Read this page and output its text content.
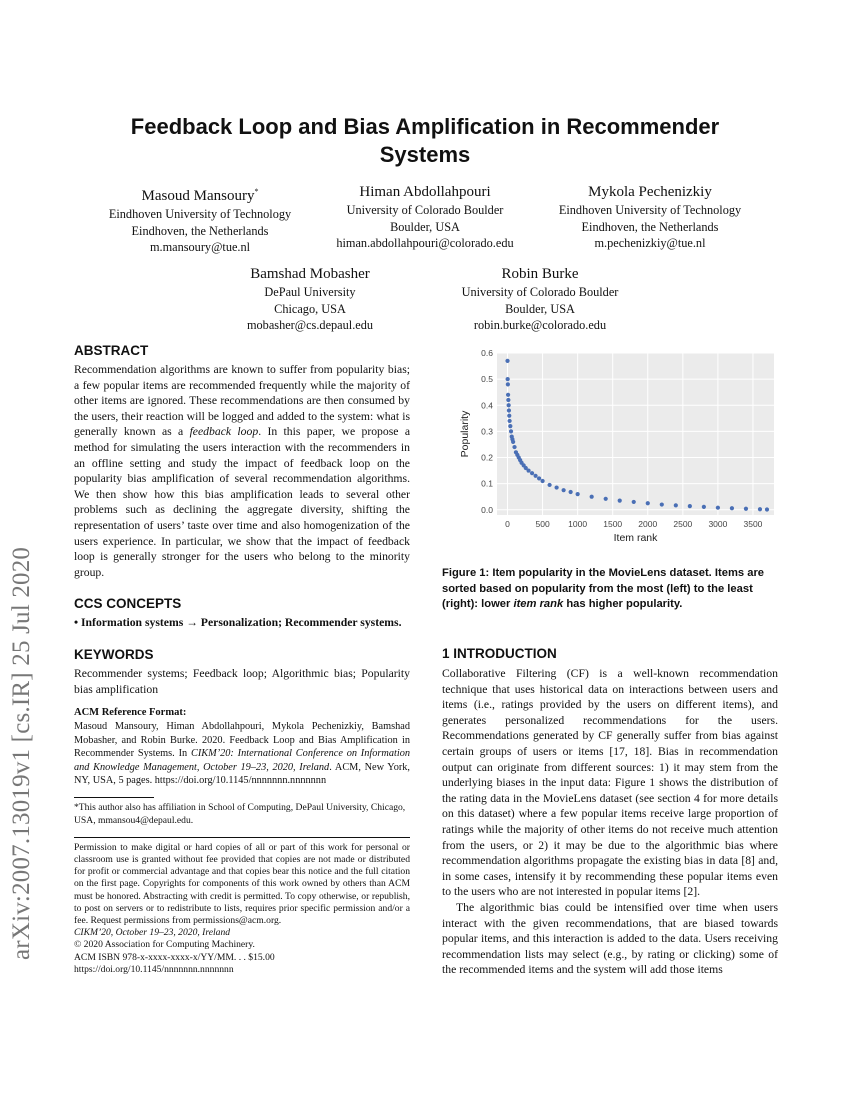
Feedback Loop and Bias Amplification in Recommender
Systems
Masoud Mansoury*
Eindhoven University of Technology
Eindhoven, the Netherlands
m.mansoury@tue.nl
Himan Abdollahpouri
University of Colorado Boulder
Boulder, USA
himan.abdollahpouri@colorado.edu
Mykola Pechenizkiy
Eindhoven University of Technology
Eindhoven, the Netherlands
m.pechenizkiy@tue.nl
Bamshad Mobasher
DePaul University
Chicago, USA
mobasher@cs.depaul.edu
Robin Burke
University of Colorado Boulder
Boulder, USA
robin.burke@colorado.edu
arXiv:2007.13019v1 [cs.IR] 25 Jul 2020
ABSTRACT
Recommendation algorithms are known to suffer from popularity bias; a few popular items are recommended frequently while the majority of other items are ignored. These recommendations are then consumed by the users, their reaction will be logged and added to the system: what is generally known as a feedback loop. In this paper, we propose a method for simulating the users interaction with the recommenders in an offline setting and study the impact of feedback loop on the popularity bias amplification of several recommendation algorithms. We then show how this bias amplification leads to several other problems such as declining the aggregate diversity, shifting the representation of users’ taste over time and also homogenization of the users experience. In particular, we show that the impact of feedback loop is generally stronger for the users who belong to the minority group.
CCS CONCEPTS
• Information systems → Personalization; Recommender systems.
KEYWORDS
Recommender systems; Feedback loop; Algorithmic bias; Popularity bias amplification
ACM Reference Format:
Masoud Mansoury, Himan Abdollahpouri, Mykola Pechenizkiy, Bamshad Mobasher, and Robin Burke. 2020. Feedback Loop and Bias Amplification in Recommender Systems. In CIKM’20: International Conference on Information and Knowledge Management, October 19–23, 2020, Ireland. ACM, New York, NY, USA, 5 pages. https://doi.org/10.1145/nnnnnnn.nnnnnnn
*This author also has affiliation in School of Computing, DePaul University, Chicago, USA, mmansou4@depaul.edu.
Permission to make digital or hard copies of all or part of this work for personal or classroom use is granted without fee provided that copies are not made or distributed for profit or commercial advantage and that copies bear this notice and the full citation on the first page. Copyrights for components of this work owned by others than ACM must be honored. Abstracting with credit is permitted. To copy otherwise, or republish, to post on servers or to redistribute to lists, requires prior specific permission and/or a fee. Request permissions from permissions@acm.org.
CIKM’20, October 19–23, 2020, Ireland
© 2020 Association for Computing Machinery.
ACM ISBN 978-x-xxxx-xxxx-x/YY/MM. . . $15.00
https://doi.org/10.1145/nnnnnnn.nnnnnnn
0.0
0.1
0.2
0.3
0.4
0.5
0.6
0	500 1000 1500 2000 2500 3000 3500
Item rank
Popularity
Figure 1: Item popularity in the MovieLens dataset. Items are sorted based on popularity from the most (left) to the least (right): lower item rank has higher popularity.
1 INTRODUCTION
Collaborative Filtering (CF) is a well-known recommendation technique that uses historical data on interactions between users and items (i.e., ratings provided by the users on different items), and generates personalized recommendations for the users. Recommendations generated by CF generally suffer from bias against certain groups of users or items [17, 18]. Bias in recommendation output can originate from different sources: 1) it may stem from the underlying biases in the input data: Figure 1 shows the distribution of the rating data in the MovieLens dataset (see section 4 for more details on this dataset) where a few popular items receive large proportion of ratings while the majority of other items do not receive much attention from the users, or 2) it may be due to the algorithmic bias where recommendation algorithms propagate the existing bias in data [8] and, in some cases, intensify it by recommending these popular items even to the users who are not interested in popular items [2].
The algorithmic bias could be intensified over time when users interact with the given recommendations, that are biased towards popular items, and this interaction is added to the data. Users receiving recommendation lists may select (e.g., by rating or clicking) some of the recommended items and the system will add those items
